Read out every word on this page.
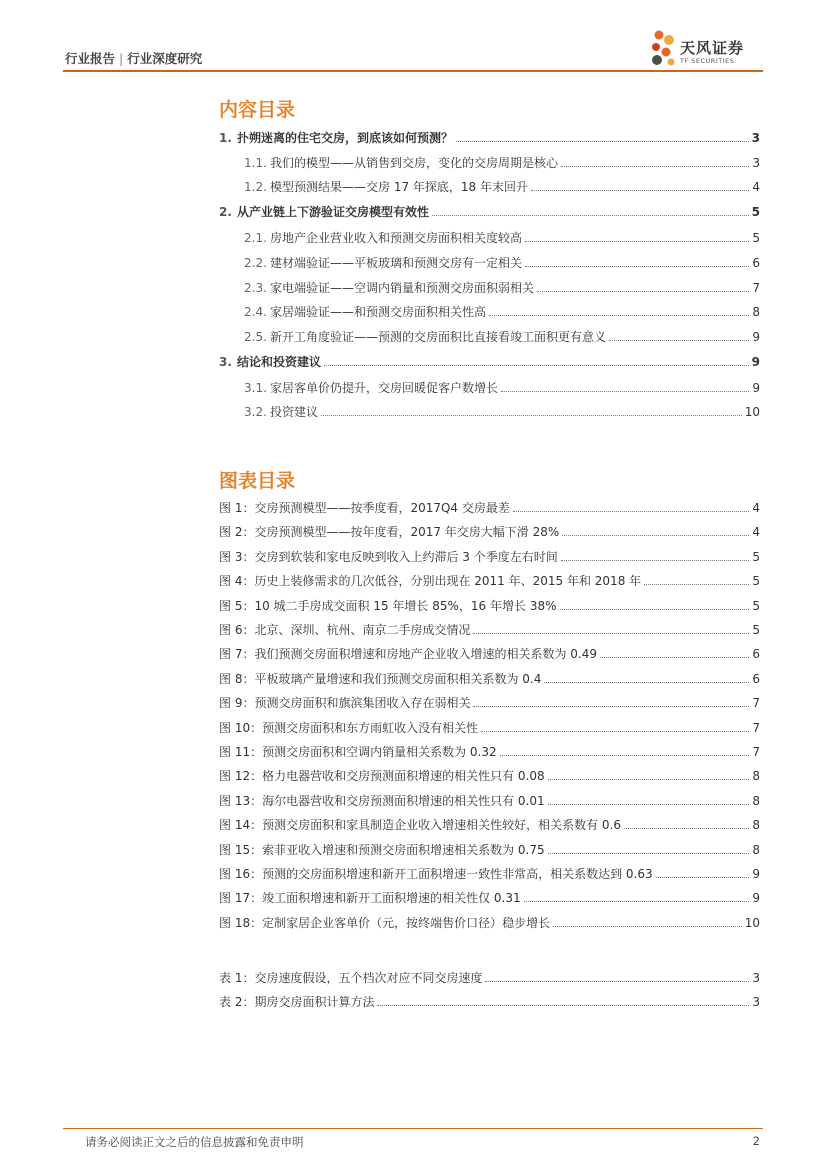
行业报告 | 行业深度研究
天风证券
TF SECURITIES
内容目录
1. 扑朔迷离的住宅交房，到底该如何预测？	3
1.1. 我们的模型——从销售到交房，变化的交房周期是核心	3
1.2. 模型预测结果——交房 17 年探底，18 年末回升	4
2. 从产业链上下游验证交房模型有效性	5
2.1. 房地产企业营业收入和预测交房面积相关度较高	5
2.2. 建材端验证——平板玻璃和预测交房有一定相关	6
2.3. 家电端验证——空调内销量和预测交房面积弱相关	7
2.4. 家居端验证——和预测交房面积相关性高	8
2.5. 新开工角度验证——预测的交房面积比直接看竣工面积更有意义	9
3. 结论和投资建议	9
3.1. 家居客单价仍提升，交房回暖促客户数增长	9
3.2. 投资建议	10
图表目录
图 1：交房预测模型——按季度看，2017Q4 交房最差	4
图 2：交房预测模型——按年度看，2017 年交房大幅下滑 28%	4
图 3：交房到软装和家电反映到收入上约滞后 3 个季度左右时间	5
图 4：历史上装修需求的几次低谷，分别出现在 2011 年、2015 年和 2018 年	5
图 5：10 城二手房成交面积 15 年增长 85%，16 年增长 38%	5
图 6：北京、深圳、杭州、南京二手房成交情况	5
图 7：我们预测交房面积增速和房地产企业收入增速的相关系数为 0.49	6
图 8：平板玻璃产量增速和我们预测交房面积相关系数为 0.4	6
图 9：预测交房面积和旗滨集团收入存在弱相关	7
图 10：预测交房面积和东方雨虹收入没有相关性	7
图 11：预测交房面积和空调内销量相关系数为 0.32	7
图 12：格力电器营收和交房预测面积增速的相关性只有 0.08	8
图 13：海尔电器营收和交房预测面积增速的相关性只有 0.01	8
图 14：预测交房面积和家具制造企业收入增速相关性较好，相关系数有 0.6	8
图 15：索菲亚收入增速和预测交房面积增速相关系数为 0.75	8
图 16：预测的交房面积增速和新开工面积增速一致性非常高，相关系数达到 0.63	9
图 17：竣工面积增速和新开工面积增速的相关性仅 0.31	9
图 18：定制家居企业客单价（元，按终端售价口径）稳步增长	10
表 1：交房速度假设，五个档次对应不同交房速度	3
表 2：期房交房面积计算方法	3
请务必阅读正文之后的信息披露和免责申明	2
